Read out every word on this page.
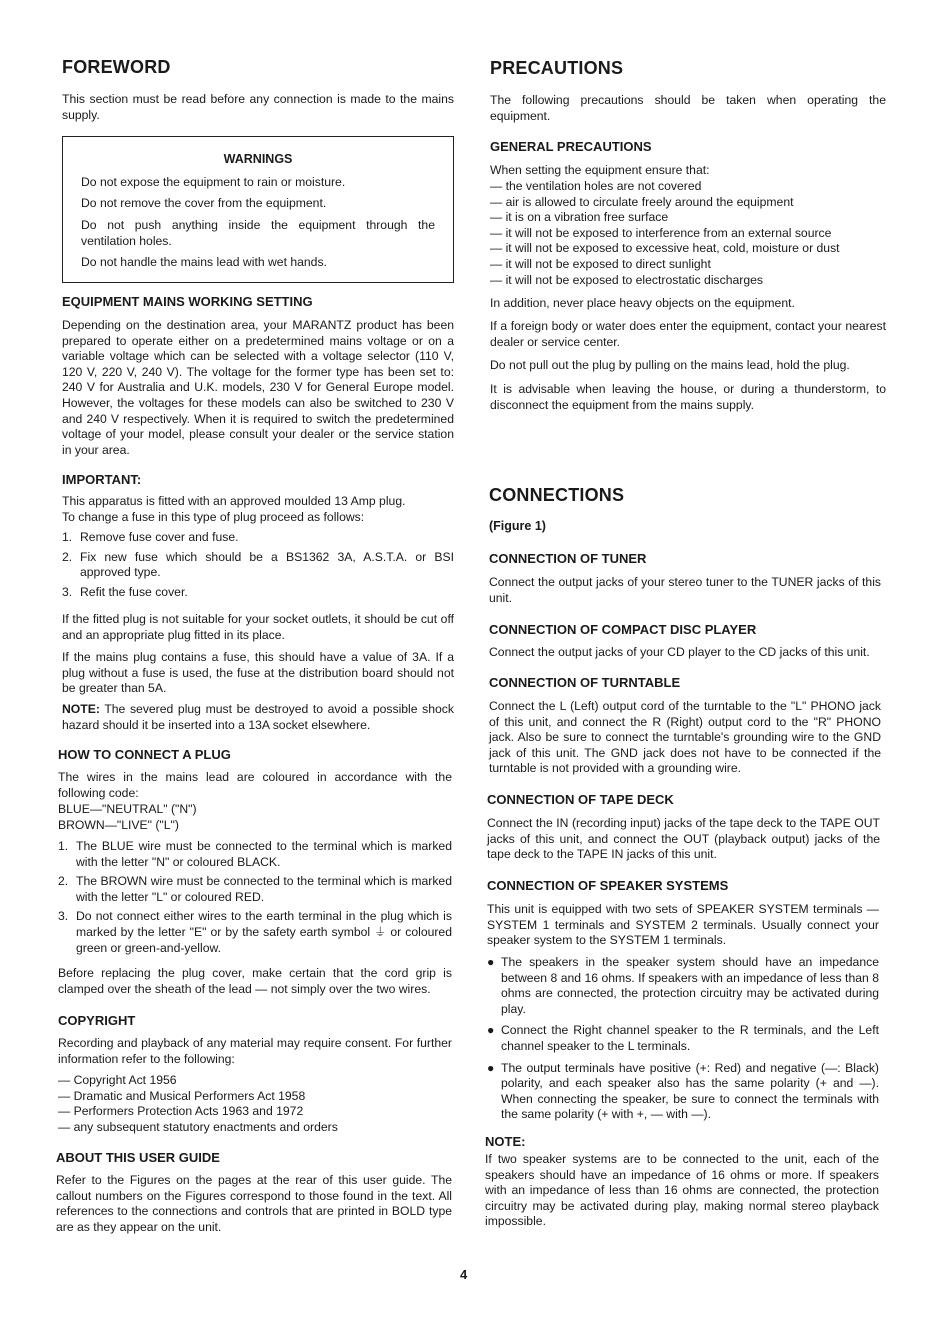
FOREWORD

This section must be read before any connection is made to the mains supply.

WARNINGS

Do not expose the equipment to rain or moisture.

Do not remove the cover from the equipment.

Do not push anything inside the equipment through the ventilation holes.

Do not handle the mains lead with wet hands.

EQUIPMENT MAINS WORKING SETTING

Depending on the destination area, your MARANTZ product has been prepared to operate either on a predetermined mains voltage or on a variable voltage which can be selected with a voltage selector (110 V, 120 V, 220 V, 240 V). The voltage for the former type has been set to: 240 V for Australia and U.K. models, 230 V for General Europe model. However, the voltages for these models can also be switched to 230 V and 240 V respectively. When it is required to switch the predetermined voltage of your model, please consult your dealer or the service station in your area.

IMPORTANT:

This apparatus is fitted with an approved moulded 13 Amp plug.

To change a fuse in this type of plug proceed as follows:

1. Remove fuse cover and fuse.
2. Fix new fuse which should be a BS1362 3A, A.S.T.A. or BSI approved type.
3. Refit the fuse cover.

If the fitted plug is not suitable for your socket outlets, it should be cut off and an appropriate plug fitted in its place.

If the mains plug contains a fuse, this should have a value of 3A. If a plug without a fuse is used, the fuse at the distribution board should not be greater than 5A.

NOTE: The severed plug must be destroyed to avoid a possible shock hazard should it be inserted into a 13A socket elsewhere.
HOW TO CONNECT A PLUG

The wires in the mains lead are coloured in accordance with the following code:

BLUE—"NEUTRAL" ("N")

BROWN—"LIVE" ("L")

1. The BLUE wire must be connected to the terminal which is marked with the letter "N" or coloured BLACK.
2. The BROWN wire must be connected to the terminal which is marked with the letter "L" or coloured RED.
3. Do not connect either wires to the earth terminal in the plug which is marked by the letter "E" or by the safety earth symbol ⏚ or coloured green or green-and-yellow.

Before replacing the plug cover, make certain that the cord grip is clamped over the sheath of the lead — not simply over the two wires.

COPYRIGHT

Recording and playback of any material may require consent. For further information refer to the following:

— Copyright Act 1956
— Dramatic and Musical Performers Act 1958
— Performers Protection Acts 1963 and 1972
— any subsequent statutory enactments and orders
ABOUT THIS USER GUIDE

Refer to the Figures on the pages at the rear of this user guide. The callout numbers on the Figures correspond to those found in the text. All references to the connections and controls that are printed in BOLD type are as they appear on the unit.

PRECAUTIONS

The following precautions should be taken when operating the equipment.

GENERAL PRECAUTIONS

When setting the equipment ensure that:

— the ventilation holes are not covered
— air is allowed to circulate freely around the equipment
— it is on a vibration free surface
— it will not be exposed to interference from an external source
— it will not be exposed to excessive heat, cold, moisture or dust
— it will not be exposed to direct sunlight
— it will not be exposed to electrostatic discharges

In addition, never place heavy objects on the equipment.

If a foreign body or water does enter the equipment, contact your nearest dealer or service center.

Do not pull out the plug by pulling on the mains lead, hold the plug.

It is advisable when leaving the house, or during a thunderstorm, to disconnect the equipment from the mains supply.

CONNECTIONS
(Figure 1)
CONNECTION OF TUNER

Connect the output jacks of your stereo tuner to the TUNER jacks of this unit.

CONNECTION OF COMPACT DISC PLAYER

Connect the output jacks of your CD player to the CD jacks of this unit.

CONNECTION OF TURNTABLE

Connect the L (Left) output cord of the turntable to the "L" PHONO jack of this unit, and connect the R (Right) output cord to the "R" PHONO jack. Also be sure to connect the turntable's grounding wire to the GND jack of this unit. The GND jack does not have to be connected if the turntable is not provided with a grounding wire.

CONNECTION OF TAPE DECK

Connect the IN (recording input) jacks of the tape deck to the TAPE OUT jacks of this unit, and connect the OUT (playback output) jacks of the tape deck to the TAPE IN jacks of this unit.

CONNECTION OF SPEAKER SYSTEMS

This unit is equipped with two sets of SPEAKER SYSTEM terminals —SYSTEM 1 terminals and SYSTEM 2 terminals. Usually connect your speaker system to the SYSTEM 1 terminals.

● The speakers in the speaker system should have an impedance between 8 and 16 ohms. If speakers with an impedance of less than 8 ohms are connected, the protection circuitry may be activated during play.
● Connect the Right channel speaker to the R terminals, and the Left channel speaker to the L terminals.
● The output terminals have positive (+: Red) and negative (—: Black) polarity, and each speaker also has the same polarity (+ and —). When connecting the speaker, be sure to connect the terminals with the same polarity (+ with +, — with —).
NOTE:

If two speaker systems are to be connected to the unit, each of the speakers should have an impedance of 16 ohms or more. If speakers with an impedance of less than 16 ohms are connected, the protection circuitry may be activated during play, making normal stereo playback impossible.

4
